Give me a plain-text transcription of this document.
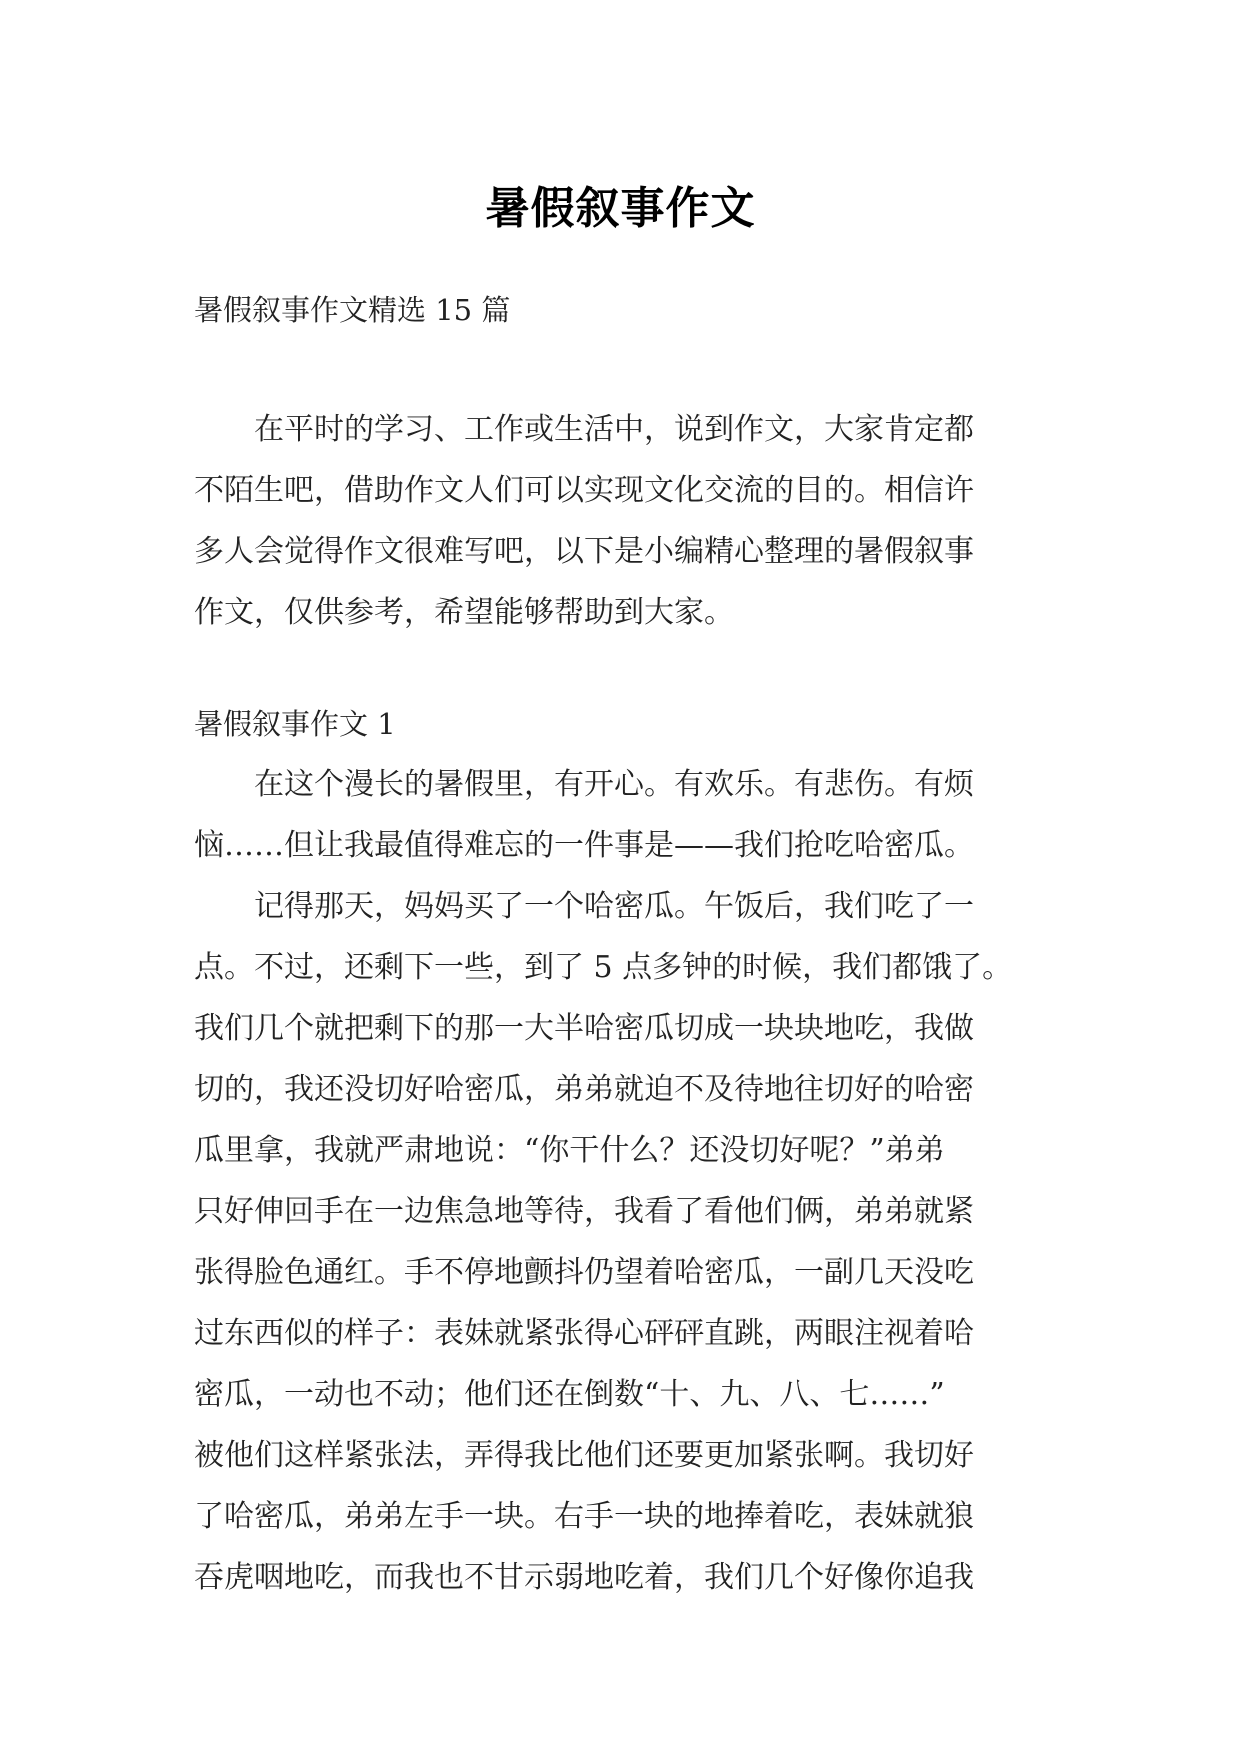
暑假叙事作文
暑假叙事作文精选 15 篇

　　在平时的学习、工作或生活中，说到作文，大家肯定都
不陌生吧，借助作文人们可以实现文化交流的目的。相信许
多人会觉得作文很难写吧，以下是小编精心整理的暑假叙事
作文，仅供参考，希望能够帮助到大家。

暑假叙事作文 1

　　在这个漫长的暑假里，有开心。有欢乐。有悲伤。有烦
恼……但让我最值得难忘的一件事是——我们抢吃哈密瓜。

　　记得那天，妈妈买了一个哈密瓜。午饭后，我们吃了一
点。不过，还剩下一些，到了 5 点多钟的时候，我们都饿了。
我们几个就把剩下的那一大半哈密瓜切成一块块地吃，我做
切的，我还没切好哈密瓜，弟弟就迫不及待地往切好的哈密
瓜里拿，我就严肃地说：“你干什么？还没切好呢？”弟弟
只好伸回手在一边焦急地等待，我看了看他们俩，弟弟就紧
张得脸色通红。手不停地颤抖仍望着哈密瓜，一副几天没吃
过东西似的样子：表妹就紧张得心砰砰直跳，两眼注视着哈
密瓜，一动也不动；他们还在倒数“十、九、八、七……”
被他们这样紧张法，弄得我比他们还要更加紧张啊。我切好
了哈密瓜，弟弟左手一块。右手一块的地捧着吃，表妹就狼
吞虎咽地吃，而我也不甘示弱地吃着，我们几个好像你追我
